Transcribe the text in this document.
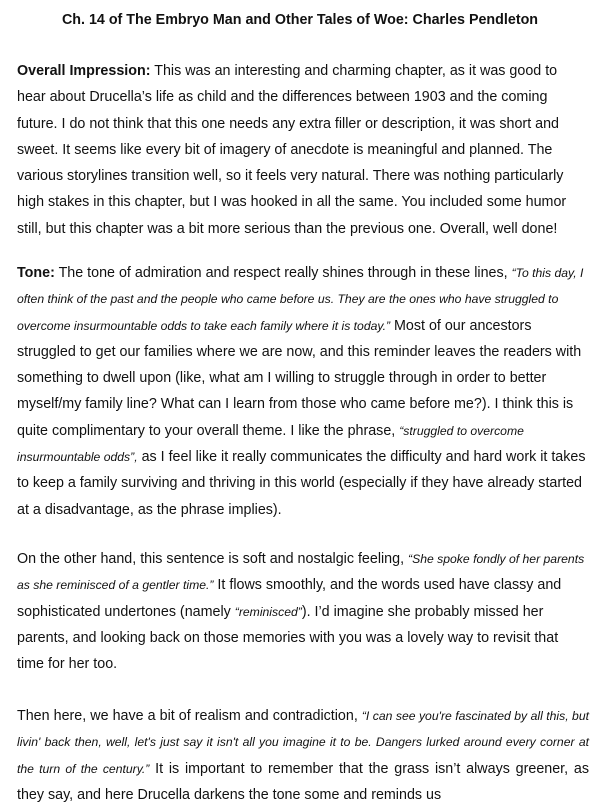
Ch. 14 of The Embryo Man and Other Tales of Woe: Charles Pendleton

Overall Impression: This was an interesting and charming chapter, as it was good to hear about Drucella’s life as child and the differences between 1903 and the coming future. I do not think that this one needs any extra filler or description, it was short and sweet. It seems like every bit of imagery of anecdote is meaningful and planned. The various storylines transition well, so it feels very natural. There was nothing particularly high stakes in this chapter, but I was hooked in all the same. You included some humor still, but this chapter was a bit more serious than the previous one. Overall, well done!

Tone: The tone of admiration and respect really shines through in these lines, “To this day, I often think of the past and the people who came before us. They are the ones who have struggled to overcome insurmountable odds to take each family where it is today.” Most of our ancestors struggled to get our families where we are now, and this reminder leaves the readers with something to dwell upon (like, what am I willing to struggle through in order to better myself/my family line? What can I learn from those who came before me?). I think this is quite complimentary to your overall theme. I like the phrase, “struggled to overcome insurmountable odds”, as I feel like it really communicates the difficulty and hard work it takes to keep a family surviving and thriving in this world (especially if they have already started at a disadvantage, as the phrase implies).

On the other hand, this sentence is soft and nostalgic feeling, “She spoke fondly of her parents as she reminisced of a gentler time.” It flows smoothly, and the words used have classy and sophisticated undertones (namely “reminisced”). I’d imagine she probably missed her parents, and looking back on those memories with you was a lovely way to revisit that time for her too.

Then here, we have a bit of realism and contradiction, “I can see you're fascinated by all this, but livin' back then, well, let's just say it isn't all you imagine it to be. Dangers lurked around every corner at the turn of the century.” It is important to remember that the grass isn’t always greener, as they say, and here Drucella darkens the tone some and reminds us
